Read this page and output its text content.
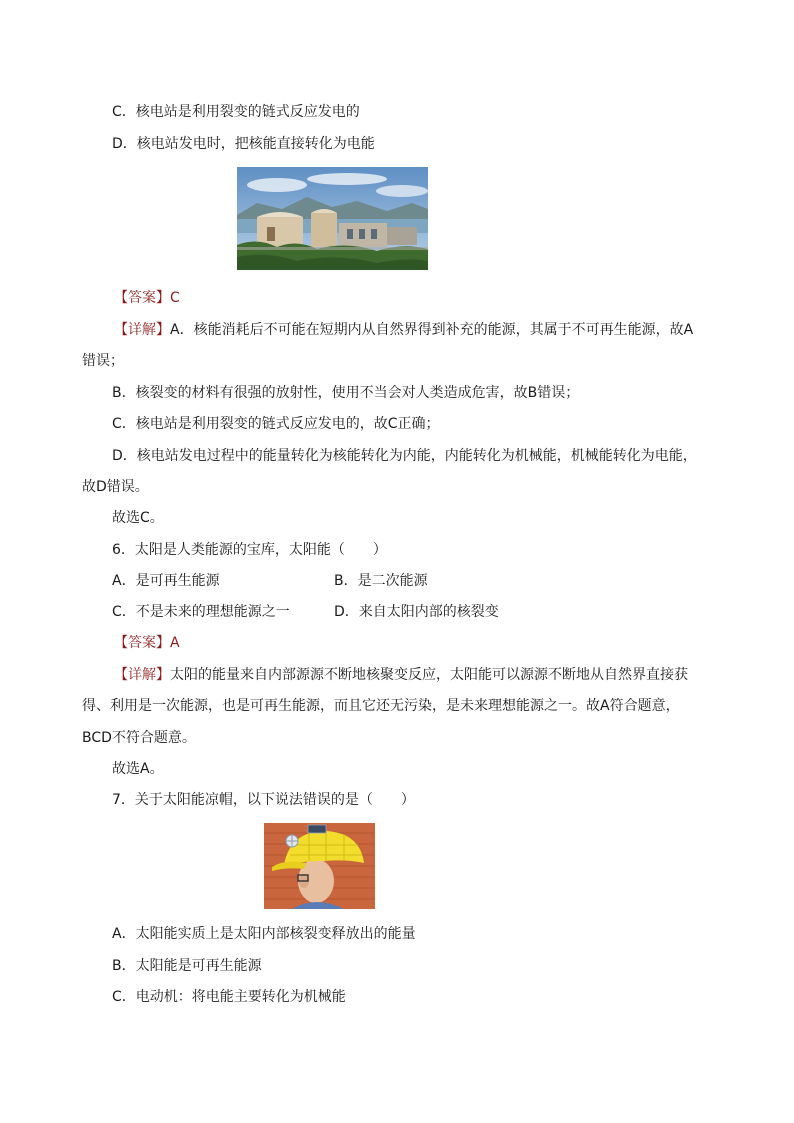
C．核电站是利用裂变的链式反应发电的
D．核电站发电时，把核能直接转化为电能
【答案】C
【详解】A．核能消耗后不可能在短期内从自然界得到补充的能源，其属于不可再生能源，故A
错误；
B．核裂变的材料有很强的放射性，使用不当会对人类造成危害，故B错误；
C．核电站是利用裂变的链式反应发电的，故C正确；
D．核电站发电过程中的能量转化为核能转化为内能，内能转化为机械能，机械能转化为电能，
故D错误。
故选C。
6．太阳是人类能源的宝库，太阳能（　　）
A．是可再生能源	B．是二次能源
C．不是未来的理想能源之一	D．来自太阳内部的核裂变
【答案】A
【详解】太阳的能量来自内部源源不断地核聚变反应，太阳能可以源源不断地从自然界直接获
得、利用是一次能源，也是可再生能源，而且它还无污染，是未来理想能源之一。故A符合题意，
BCD不符合题意。
故选A。
7．关于太阳能凉帽，以下说法错误的是（　　）
A．太阳能实质上是太阳内部核裂变释放出的能量
B．太阳能是可再生能源
C．电动机：将电能主要转化为机械能
